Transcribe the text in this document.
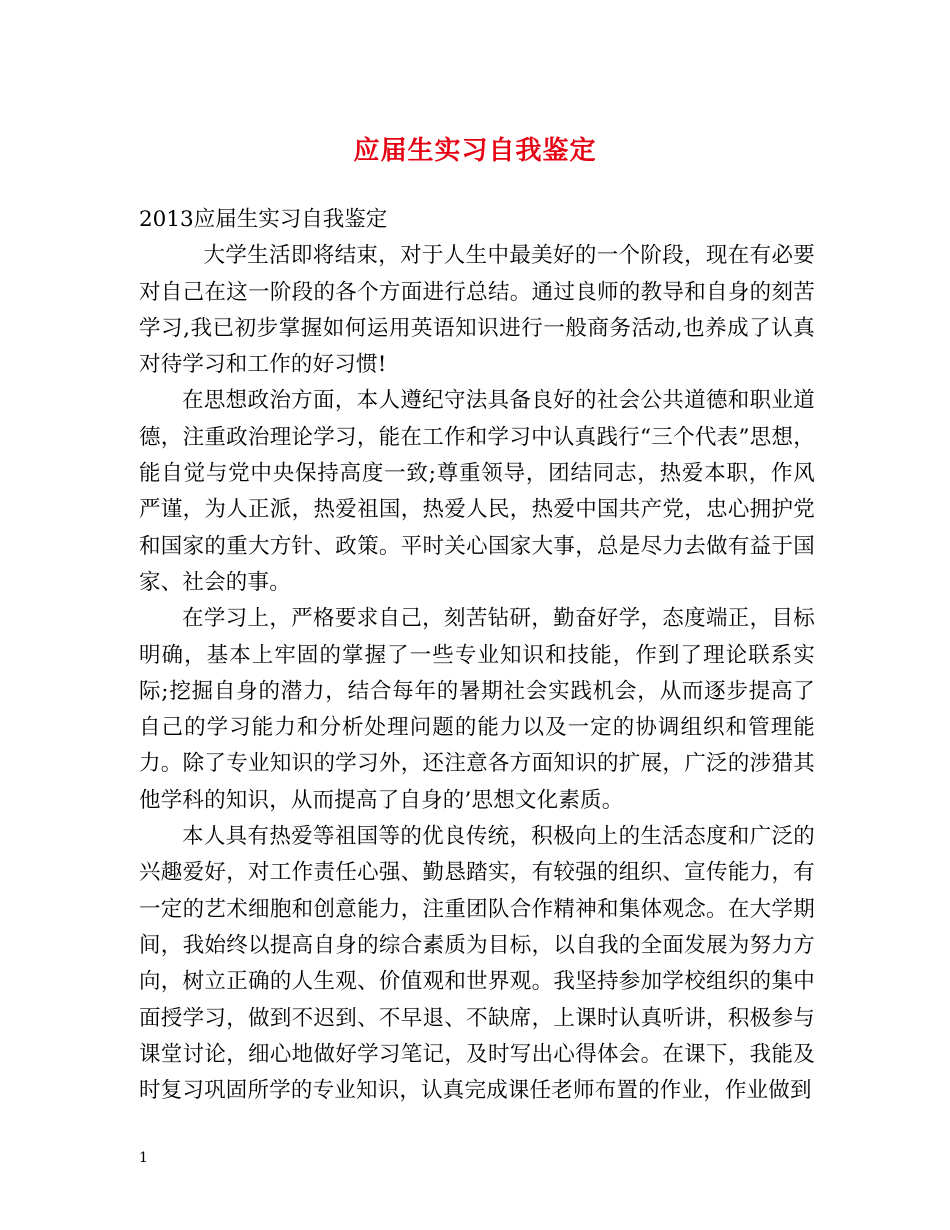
应届生实习自我鉴定

2013应届生实习自我鉴定

大学生活即将结束，对于人生中最美好的一个阶段，现在有必要对自己在这一阶段的各个方面进行总结。通过良师的教导和自身的刻苦学习,我已初步掌握如何运用英语知识进行一般商务活动,也养成了认真对待学习和工作的好习惯!

在思想政治方面，本人遵纪守法具备良好的社会公共道德和职业道德，注重政治理论学习，能在工作和学习中认真践行“三个代表”思想，能自觉与党中央保持高度一致;尊重领导，团结同志，热爱本职，作风严谨，为人正派，热爱祖国，热爱人民，热爱中国共产党，忠心拥护党和国家的重大方针、政策。平时关心国家大事，总是尽力去做有益于国家、社会的事。

在学习上，严格要求自己，刻苦钻研，勤奋好学，态度端正，目标明确，基本上牢固的掌握了一些专业知识和技能，作到了理论联系实际;挖掘自身的潜力，结合每年的暑期社会实践机会，从而逐步提高了自己的学习能力和分析处理问题的能力以及一定的协调组织和管理能力。除了专业知识的学习外，还注意各方面知识的扩展，广泛的涉猎其他学科的知识，从而提高了自身的’思想文化素质。

本人具有热爱等祖国等的优良传统，积极向上的生活态度和广泛的兴趣爱好，对工作责任心强、勤恳踏实，有较强的组织、宣传能力，有一定的艺术细胞和创意能力，注重团队合作精神和集体观念。在大学期间，我始终以提高自身的综合素质为目标，以自我的全面发展为努力方向，树立正确的人生观、价值观和世界观。我坚持参加学校组织的集中面授学习，做到不迟到、不早退、不缺席，上课时认真听讲，积极参与课堂讨论，细心地做好学习笔记，及时写出心得体会。在课下，我能及时复习巩固所学的专业知识，认真完成课任老师布置的作业，作业做到

1
